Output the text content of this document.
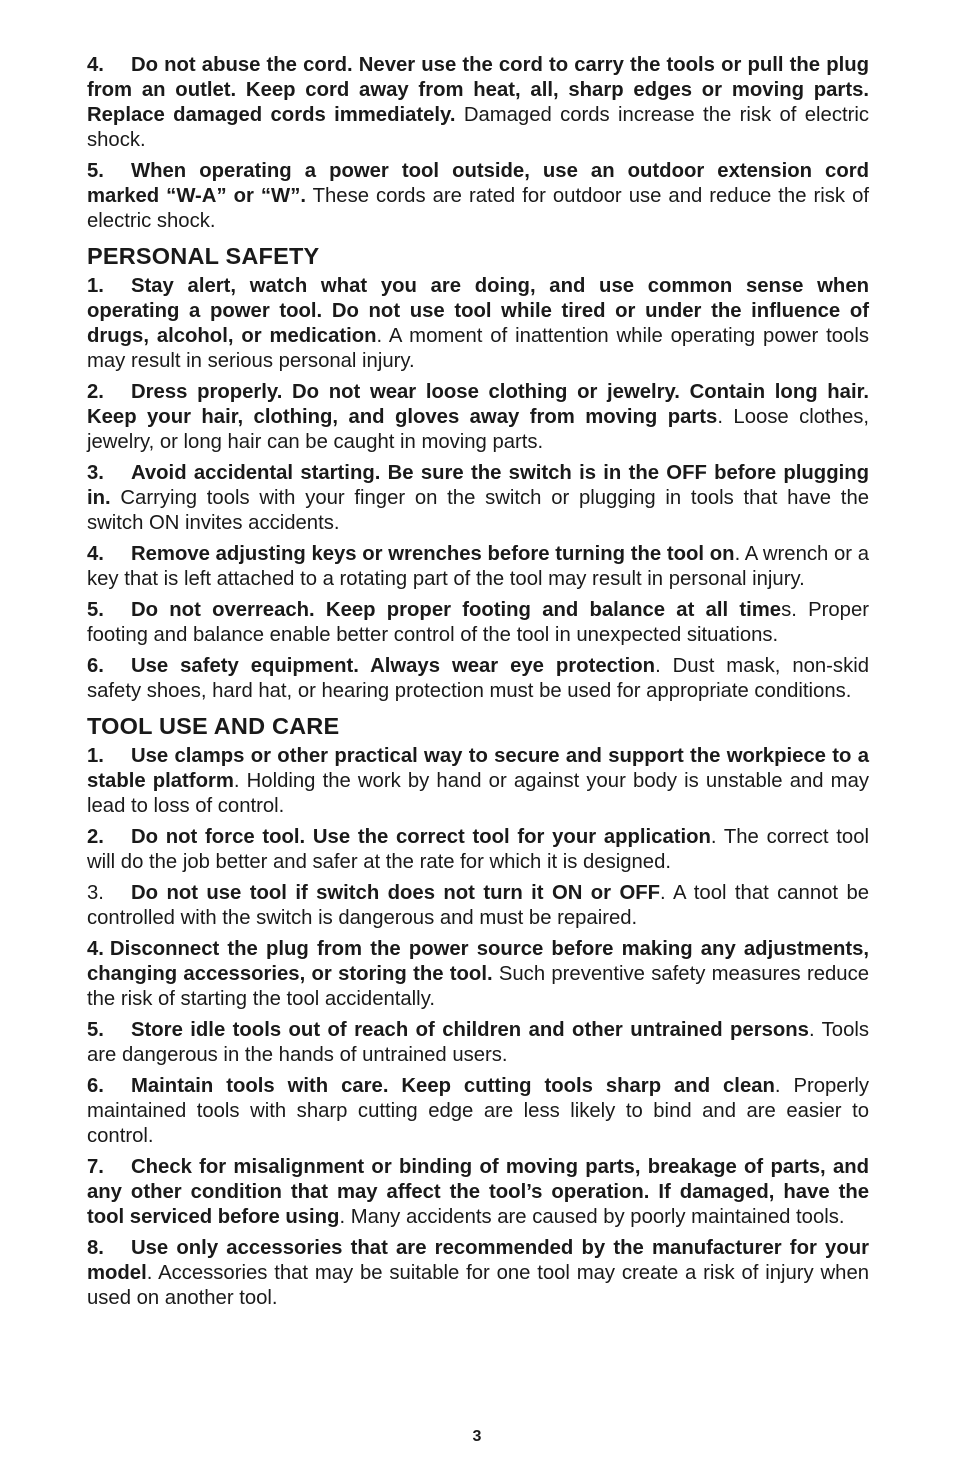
4. Do not abuse the cord. Never use the cord to carry the tools or pull the plug from an outlet. Keep cord away from heat, all, sharp edges or moving parts. Replace damaged cords immediately. Damaged cords increase the risk of electric shock.
5. When operating a power tool outside, use an outdoor extension cord marked “W-A” or “W”. These cords are rated for outdoor use and reduce the risk of electric shock.
PERSONAL SAFETY
1. Stay alert, watch what you are doing, and use common sense when operating a power tool. Do not use tool while tired or under the influence of drugs, alcohol, or medication. A moment of inattention while operating power tools may result in serious personal injury.
2. Dress properly. Do not wear loose clothing or jewelry. Contain long hair. Keep your hair, clothing, and gloves away from moving parts. Loose clothes, jewelry, or long hair can be caught in moving parts.
3. Avoid accidental starting. Be sure the switch is in the OFF before plugging in. Carrying tools with your finger on the switch or plugging in tools that have the switch ON invites accidents.
4. Remove adjusting keys or wrenches before turning the tool on. A wrench or a key that is left attached to a rotating part of the tool may result in personal injury.
5. Do not overreach. Keep proper footing and balance at all times. Proper footing and balance enable better control of the tool in unexpected situations.
6. Use safety equipment. Always wear eye protection. Dust mask, non-skid safety shoes, hard hat, or hearing protection must be used for appropriate conditions.
TOOL USE AND CARE
1. Use clamps or other practical way to secure and support the workpiece to a stable platform. Holding the work by hand or against your body is unstable and may lead to loss of control.
2. Do not force tool. Use the correct tool for your application. The correct tool will do the job better and safer at the rate for which it is designed.
3. Do not use tool if switch does not turn it ON or OFF. A tool that cannot be controlled with the switch is dangerous and must be repaired.
4. Disconnect the plug from the power source before making any adjustments, changing accessories, or storing the tool. Such preventive safety measures reduce the risk of starting the tool accidentally.
5. Store idle tools out of reach of children and other untrained persons. Tools are dangerous in the hands of untrained users.
6. Maintain tools with care. Keep cutting tools sharp and clean. Properly maintained tools with sharp cutting edge are less likely to bind and are easier to control.
7. Check for misalignment or binding of moving parts, breakage of parts, and any other condition that may affect the tool’s operation. If damaged, have the tool serviced before using. Many accidents are caused by poorly maintained tools.
8. Use only accessories that are recommended by the manufacturer for your model. Accessories that may be suitable for one tool may create a risk of injury when used on another tool.
3
